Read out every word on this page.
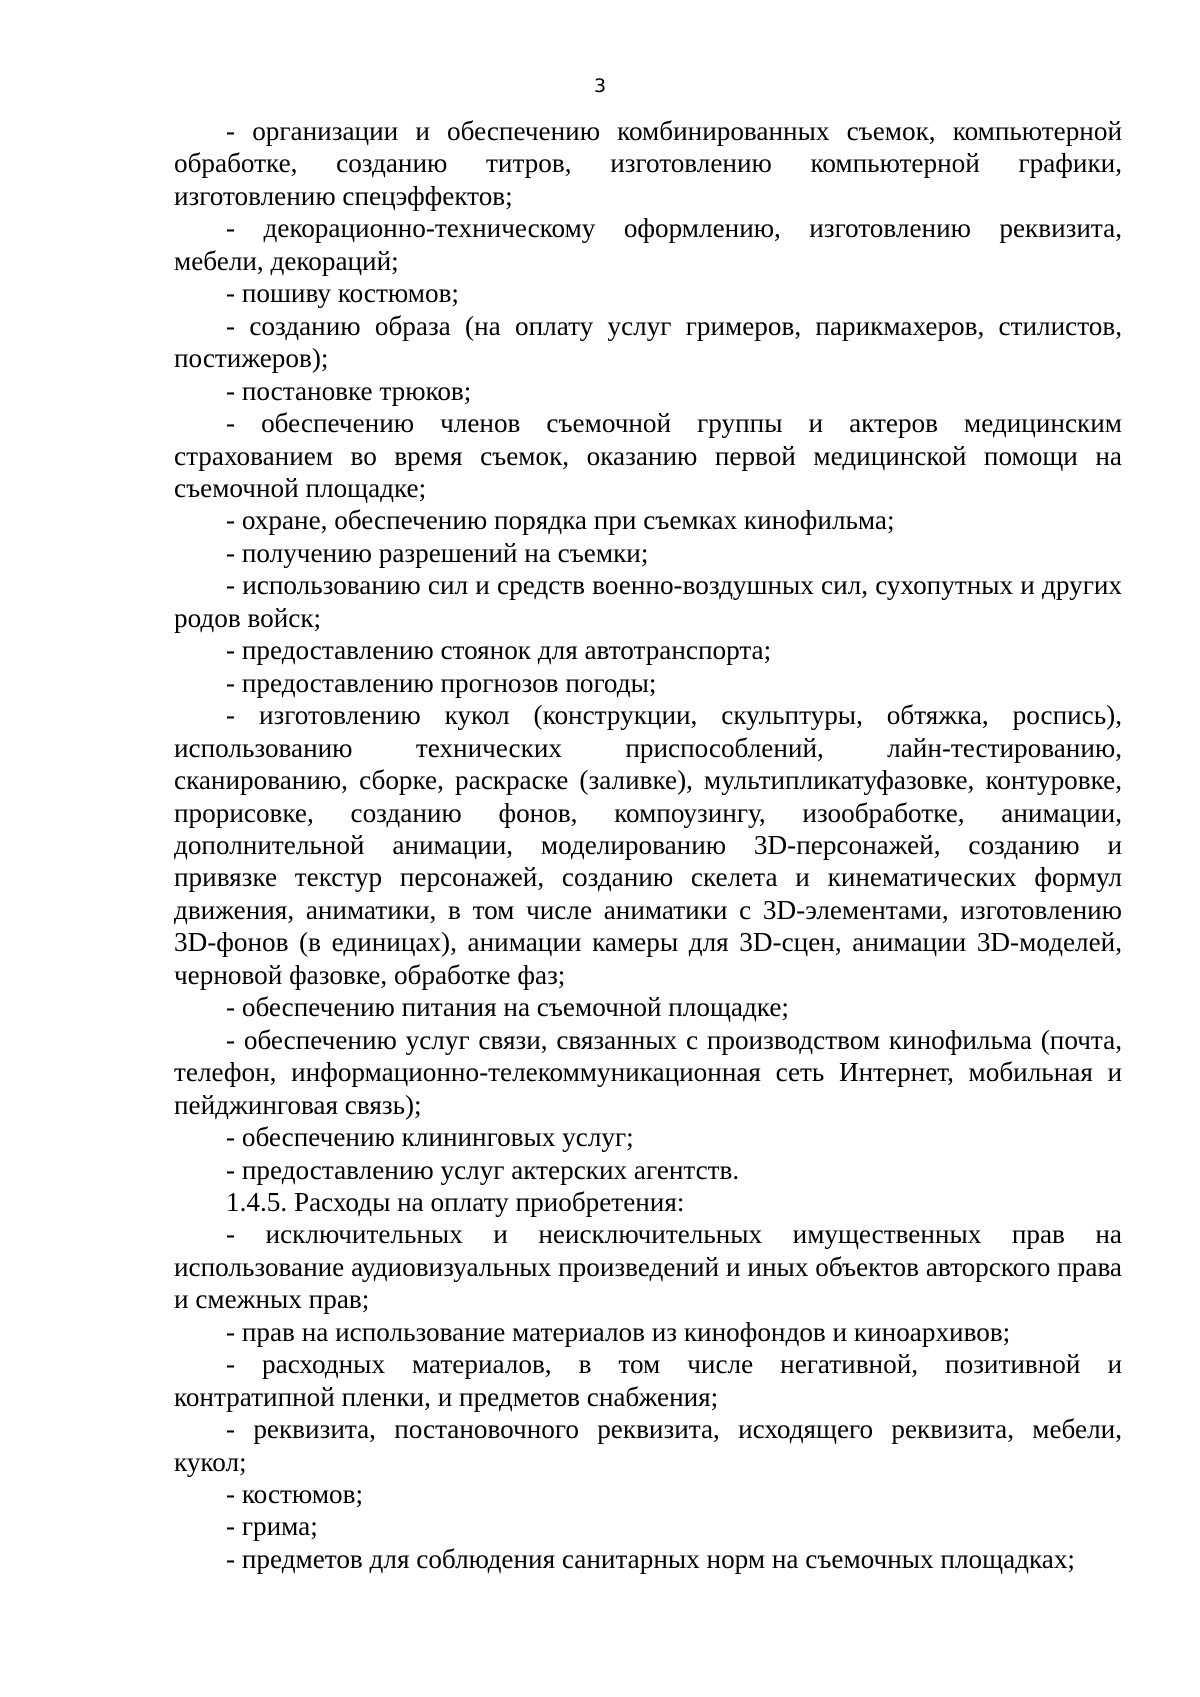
3

- организации и обеспечению комбинированных съемок, компьютерной обработке, созданию титров, изготовлению компьютерной графики, изготовлению спецэффектов;

- декорационно-техническому оформлению, изготовлению реквизита, мебели, декораций;

- пошиву костюмов;

- созданию образа (на оплату услуг гримеров, парикмахеров, стилистов, постижеров);

- постановке трюков;

- обеспечению членов съемочной группы и актеров медицинским страхованием во время съемок, оказанию первой медицинской помощи на съемочной площадке;

- охране, обеспечению порядка при съемках кинофильма;

- получению разрешений на съемки;

- использованию сил и средств военно-воздушных сил, сухопутных и других родов войск;

- предоставлению стоянок для автотранспорта;

- предоставлению прогнозов погоды;

- изготовлению кукол (конструкции, скульптуры, обтяжка, роспись), использованию технических приспособлений, лайн-тестированию, сканированию, сборке, раскраске (заливке), мультипликатуфазовке, контуровке, прорисовке, созданию фонов, компоузингу, изообработке, анимации, дополнительной анимации, моделированию 3D-персонажей, созданию и привязке текстур персонажей, созданию скелета и кинематических формул движения, аниматики, в том числе аниматики с 3D-элементами, изготовлению 3D-фонов (в единицах), анимации камеры для 3D-сцен, анимации 3D-моделей, черновой фазовке, обработке фаз;

- обеспечению питания на съемочной площадке;

- обеспечению услуг связи, связанных с производством кинофильма (почта, телефон, информационно-телекоммуникационная сеть Интернет, мобильная и пейджинговая связь);

- обеспечению клининговых услуг;

- предоставлению услуг актерских агентств.

1.4.5. Расходы на оплату приобретения:

- исключительных и неисключительных имущественных прав на использование аудиовизуальных произведений и иных объектов авторского права и смежных прав;

- прав на использование материалов из кинофондов и киноархивов;

- расходных материалов, в том числе негативной, позитивной и контратипной пленки, и предметов снабжения;

- реквизита, постановочного реквизита, исходящего реквизита, мебели, кукол;

- костюмов;

- грима;

- предметов для соблюдения санитарных норм на съемочных площадках;
